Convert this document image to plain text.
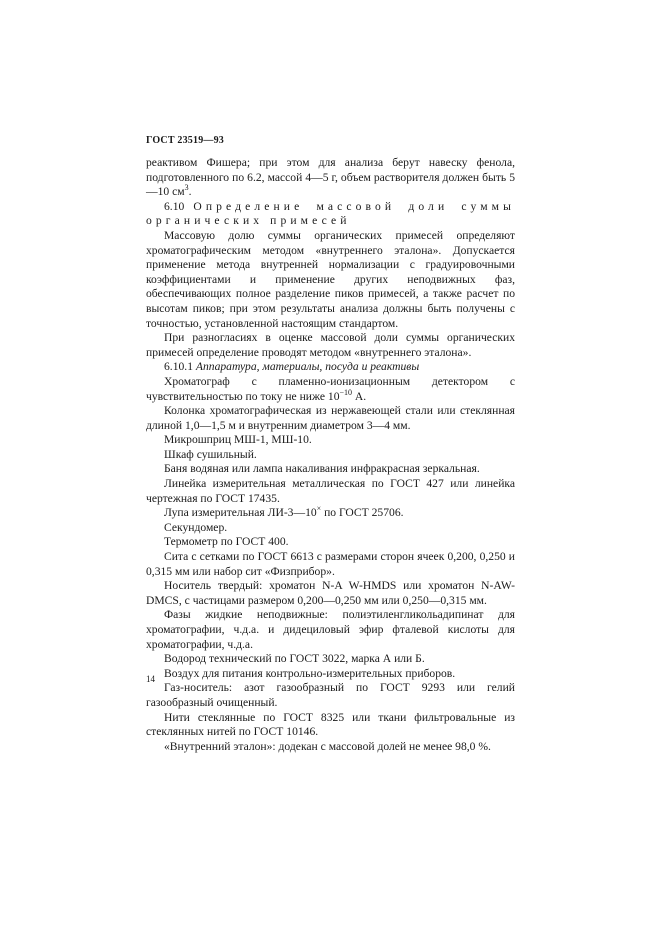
ГОСТ 23519—93

реактивом Фишера; при этом для анализа берут навеску фенола, подготовленного по 6.2, массой 4—5 г, объем растворителя должен быть 5—10 $см^3$.

6.10 Определение массовой доли суммы органических примесей

Массовую долю суммы органических примесей определяют хроматографическим методом «внутреннего эталона». Допускается применение метода внутренней нормализации с градуировочными коэффициентами и применение других неподвижных фаз, обеспечивающих полное разделение пиков примесей, а также расчет по высотам пиков; при этом результаты анализа должны быть получены с точностью, установленной настоящим стандартом.

При разногласиях в оценке массовой доли суммы органических примесей определение проводят методом «внутреннего эталона».

6.10.1 Аппаратура, материалы, посуда и реактивы

Хроматограф с пламенно-ионизационным детектором с чувствительностью по току не ниже $10^{-10}$ А.

Колонка хроматографическая из нержавеющей стали или стеклянная длиной 1,0—1,5 м и внутренним диаметром 3—4 мм.

Микрошприц МШ-1, МШ-10.

Шкаф сушильный.

Баня водяная или лампа накаливания инфракрасная зеркальная.

Линейка измерительная металлическая по ГОСТ 427 или линейка чертежная по ГОСТ 17435.

Лупа измерительная ЛИ-3—10× по ГОСТ 25706.

Секундомер.

Термометр по ГОСТ 400.

Сита с сетками по ГОСТ 6613 с размерами сторон ячеек 0,200, 0,250 и 0,315 мм или набор сит «Физприбор».

Носитель твердый: хроматон N-A W-HMDS или хроматон N-AW-DMCS, с частицами размером 0,200—0,250 мм или 0,250—0,315 мм.

Фазы жидкие неподвижные: полиэтиленгликольадипинат для хроматографии, ч.д.а. и дидециловый эфир фталевой кислоты для хроматографии, ч.д.а.

Водород технический по ГОСТ 3022, марка А или Б.

Воздух для питания контрольно-измерительных приборов.

Газ-носитель: азот газообразный по ГОСТ 9293 или гелий газообразный очищенный.

Нити стеклянные по ГОСТ 8325 или ткани фильтровальные из стеклянных нитей по ГОСТ 10146.

«Внутренний эталон»: додекан с массовой долей не менее 98,0 %.

14
